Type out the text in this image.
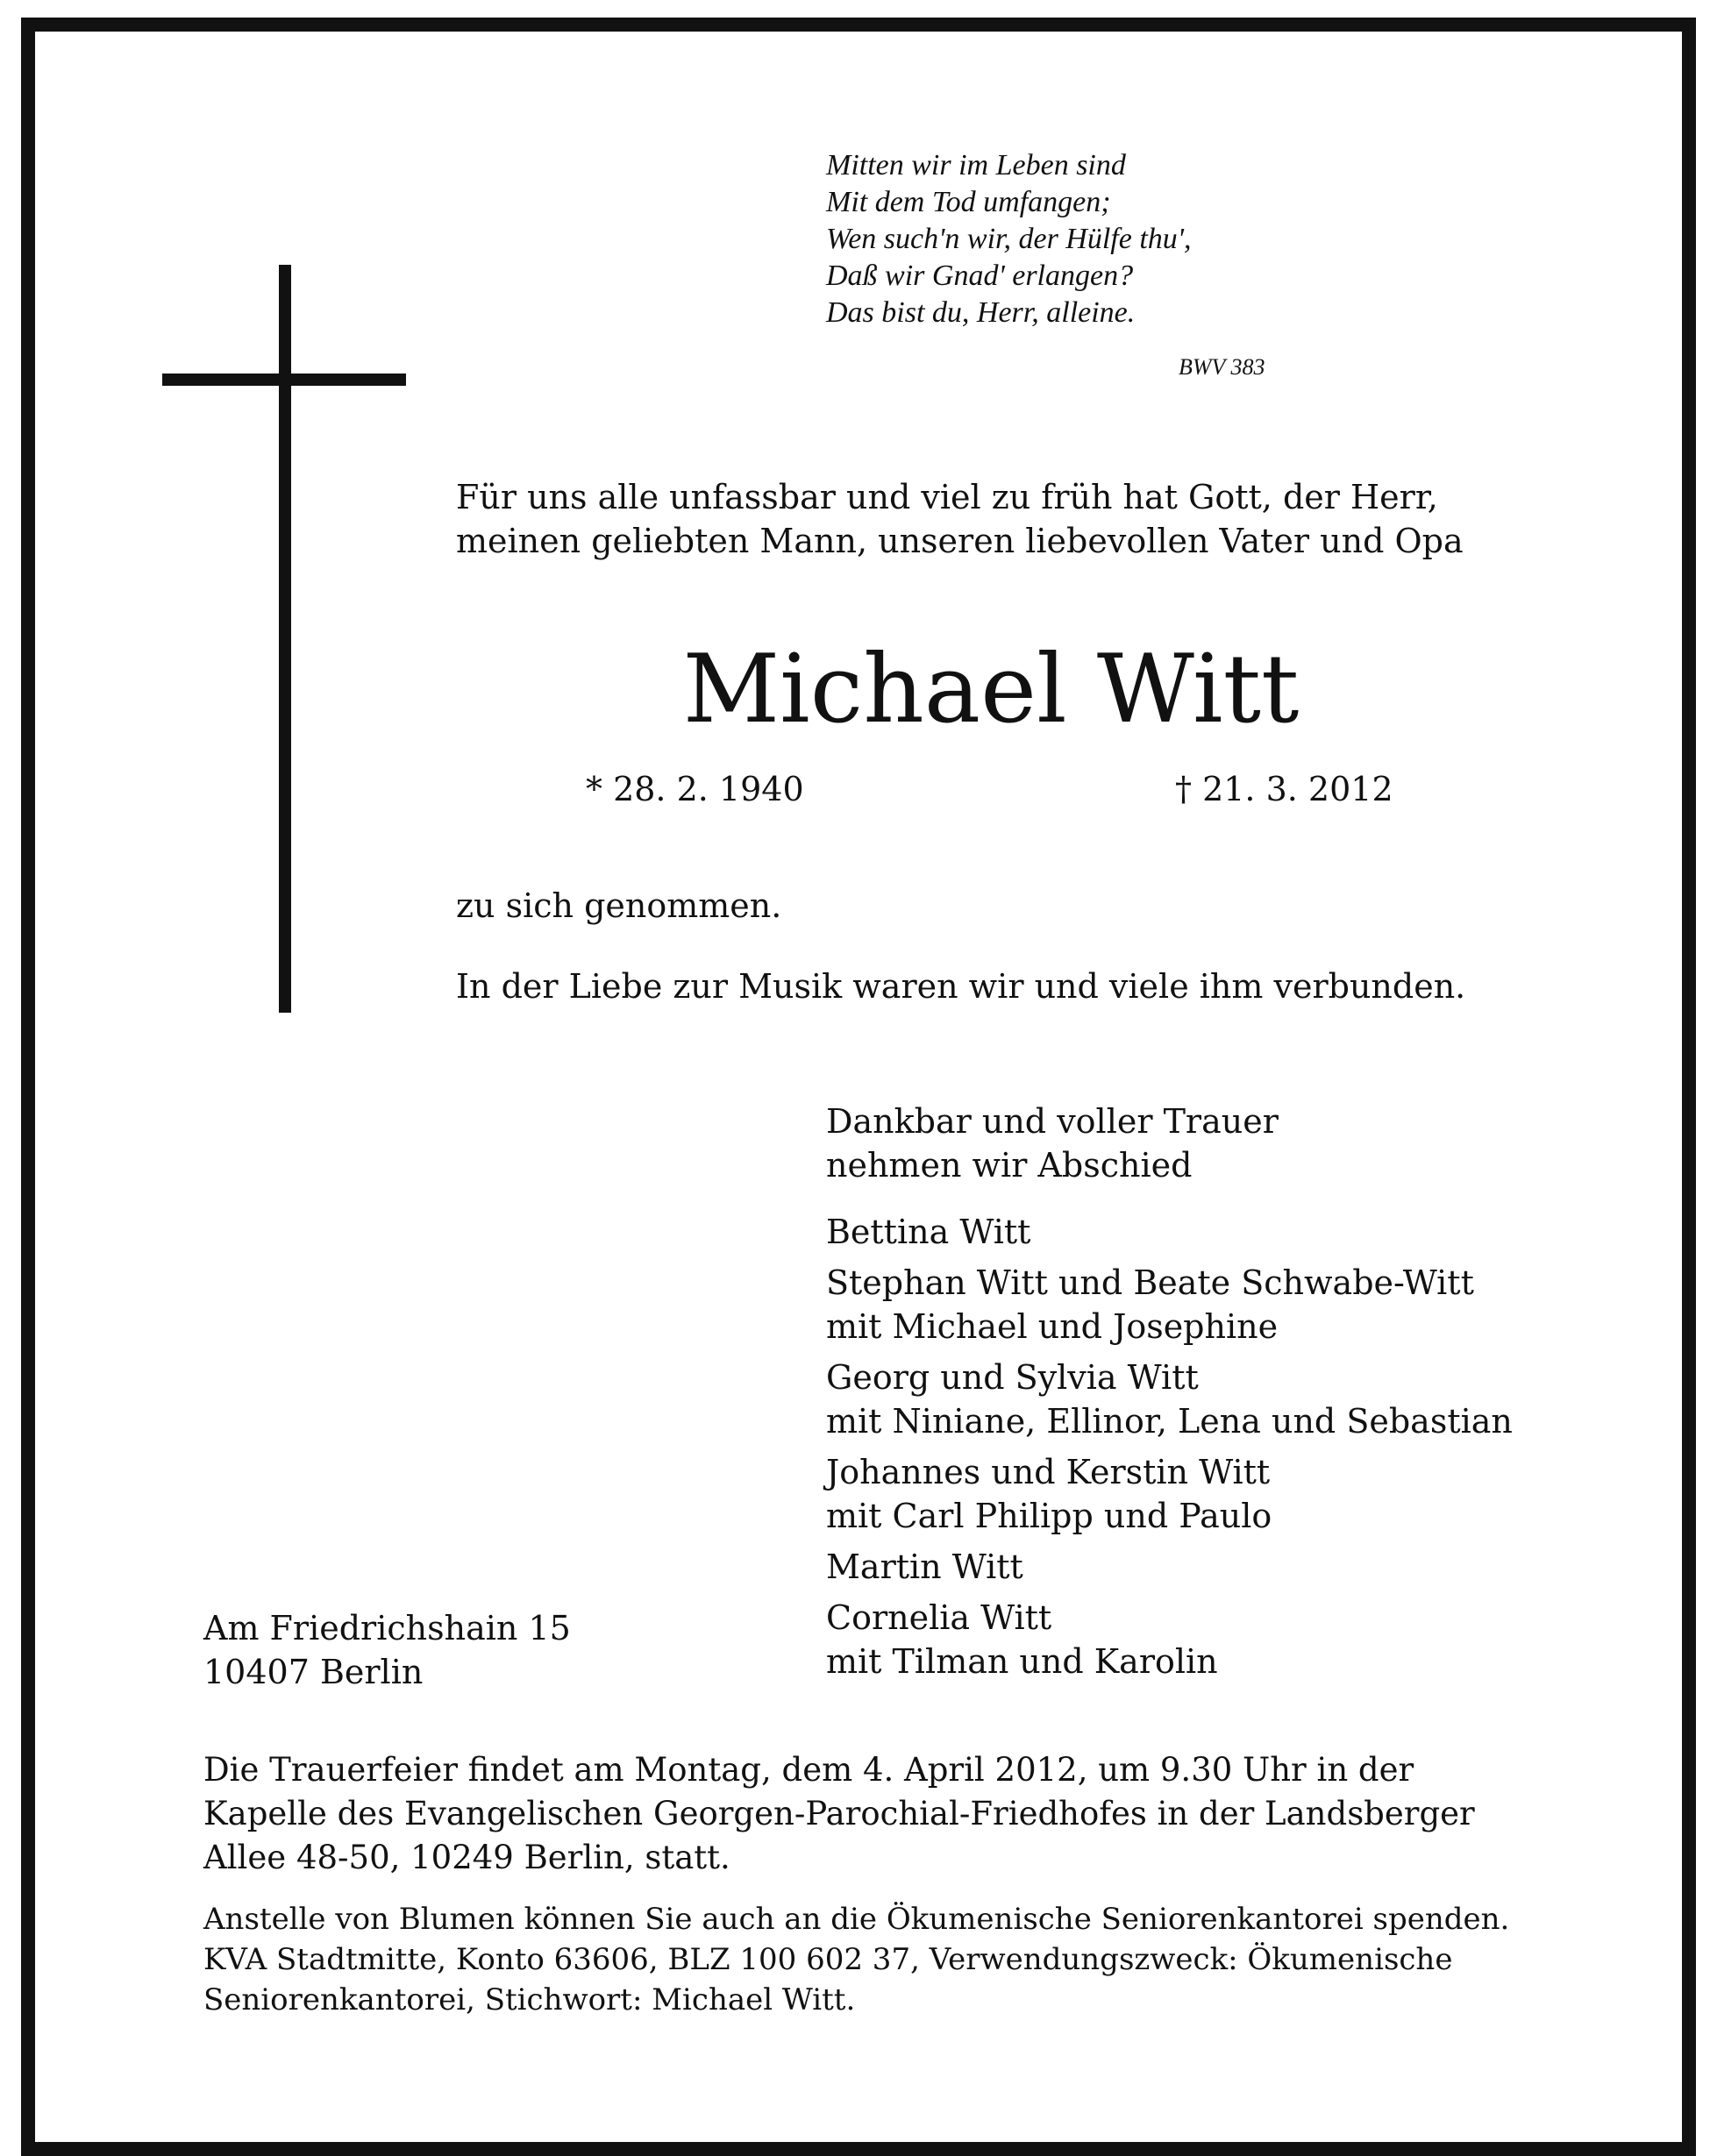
Mitten wir im Leben sind
Mit dem Tod umfangen;
Wen such'n wir, der Hülfe thu',
Daß wir Gnad' erlangen?
Das bist du, Herr, alleine.
BWV 383
Für uns alle unfassbar und viel zu früh hat Gott, der Herr,
meinen geliebten Mann, unseren liebevollen Vater und Opa
Michael Witt
* 28. 2. 1940	† 21. 3. 2012
zu sich genommen.
In der Liebe zur Musik waren wir und viele ihm verbunden.
Dankbar und voller Trauer
nehmen wir Abschied
Bettina Witt
Stephan Witt und Beate Schwabe-Witt
mit Michael und Josephine
Georg und Sylvia Witt
mit Niniane, Ellinor, Lena und Sebastian
Johannes und Kerstin Witt
mit Carl Philipp und Paulo
Martin Witt
Cornelia Witt
mit Tilman und Karolin
Am Friedrichshain 15
10407 Berlin
Die Trauerfeier findet am Montag, dem 4. April 2012, um 9.30 Uhr in der
Kapelle des Evangelischen Georgen-Parochial-Friedhofes in der Landsberger
Allee 48-50, 10249 Berlin, statt.
Anstelle von Blumen können Sie auch an die Ökumenische Seniorenkantorei spenden.
KVA Stadtmitte, Konto 63606, BLZ 100 602 37, Verwendungszweck: Ökumenische
Seniorenkantorei, Stichwort: Michael Witt.
